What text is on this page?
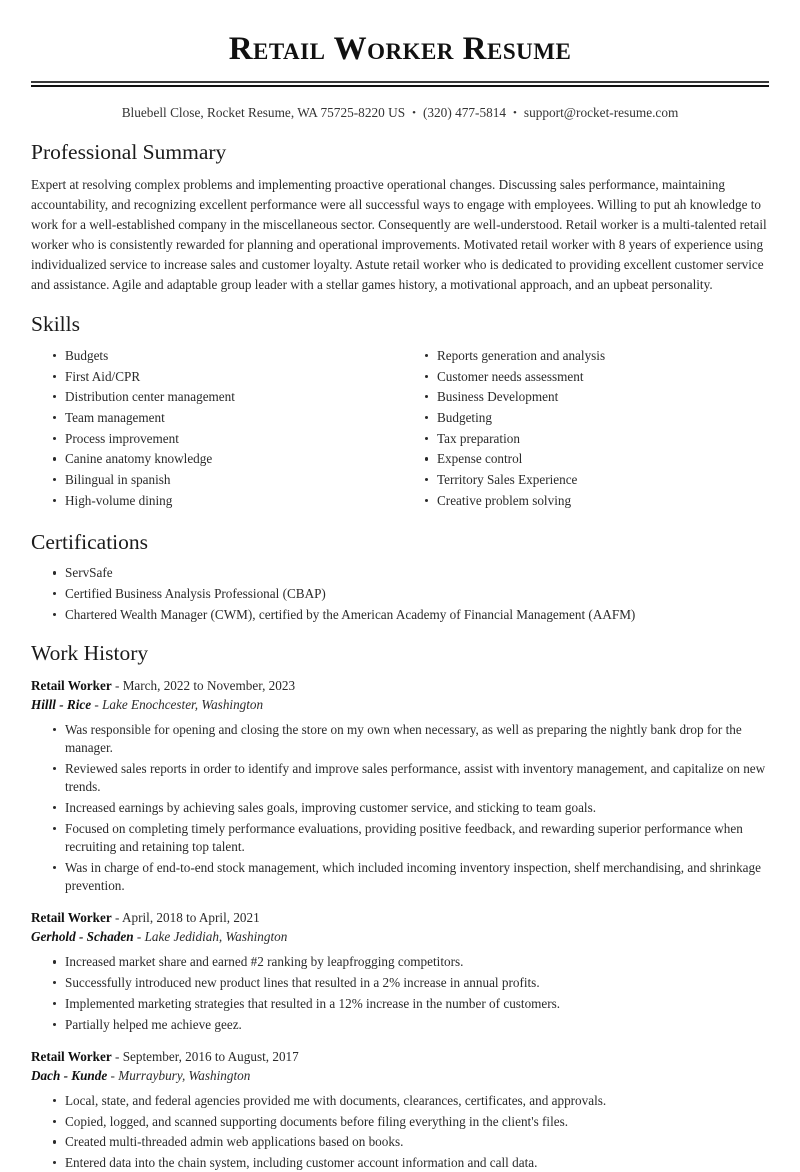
Retail Worker Resume
Bluebell Close, Rocket Resume, WA 75725-8220 US • (320) 477-5814 • support@rocket-resume.com
Professional Summary

Expert at resolving complex problems and implementing proactive operational changes. Discussing sales performance, maintaining accountability, and recognizing excellent performance were all successful ways to engage with employees. Willing to put ah knowledge to work for a well-established company in the miscellaneous sector. Consequently are well-understood. Retail worker is a multi-talented retail worker who is consistently rewarded for planning and operational improvements. Motivated retail worker with 8 years of experience using individualized service to increase sales and customer loyalty. Astute retail worker who is dedicated to providing excellent customer service and assistance. Agile and adaptable group leader with a stellar games history, a motivational approach, and an upbeat personality.

Skills
Budgets
First Aid/CPR
Distribution center management
Team management
Process improvement
Canine anatomy knowledge
Bilingual in spanish
High-volume dining
Reports generation and analysis
Customer needs assessment
Business Development
Budgeting
Tax preparation
Expense control
Territory Sales Experience
Creative problem solving
Certifications
ServSafe
Certified Business Analysis Professional (CBAP)
Chartered Wealth Manager (CWM), certified by the American Academy of Financial Management (AAFM)
Work History
Retail Worker - March, 2022 to November, 2023
Hilll - Rice - Lake Enochcester, Washington
Was responsible for opening and closing the store on my own when necessary, as well as preparing the nightly bank drop for the manager.
Reviewed sales reports in order to identify and improve sales performance, assist with inventory management, and capitalize on new trends.
Increased earnings by achieving sales goals, improving customer service, and sticking to team goals.
Focused on completing timely performance evaluations, providing positive feedback, and rewarding superior performance when recruiting and retaining top talent.
Was in charge of end-to-end stock management, which included incoming inventory inspection, shelf merchandising, and shrinkage prevention.
Retail Worker - April, 2018 to April, 2021
Gerhold - Schaden - Lake Jedidiah, Washington
Increased market share and earned #2 ranking by leapfrogging competitors.
Successfully introduced new product lines that resulted in a 2% increase in annual profits.
Implemented marketing strategies that resulted in a 12% increase in the number of customers.
Partially helped me achieve geez.
Retail Worker - September, 2016 to August, 2017
Dach - Kunde - Murraybury, Washington
Local, state, and federal agencies provided me with documents, clearances, certificates, and approvals.
Copied, logged, and scanned supporting documents before filing everything in the client's files.
Created multi-threaded admin web applications based on books.
Entered data into the chain system, including customer account information and call data.
